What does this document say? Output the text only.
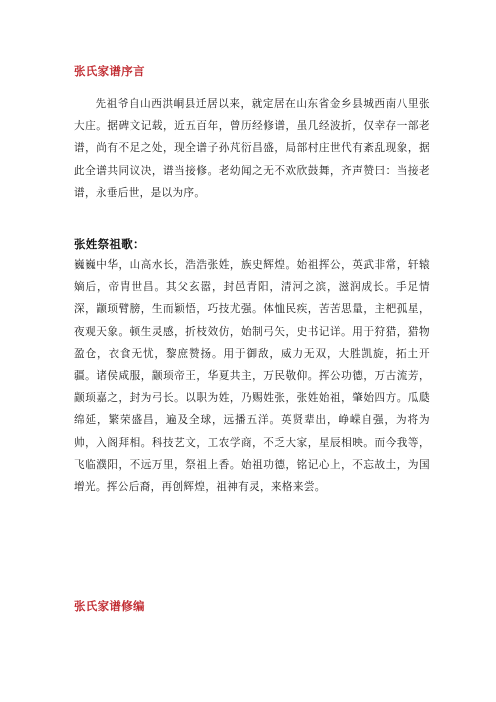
张氏家谱序言
先祖爷自山西洪峒县迁居以来，就定居在山东省金乡县城西南八里张大庄。据碑文记载，近五百年，曾历经修谱，虽几经波折，仅幸存一部老谱，尚有不足之处，现全谱子孙芃衍昌盛，局部村庄世代有紊乱现象，据此全谱共同议决，谱当接修。老幼闻之无不欢欣鼓舞，齐声赞曰：当接老谱，永垂后世，是以为序。
张姓祭祖歌：
巍巍中华，山高水长，浩浩张姓，族史辉煌。始祖挥公，英武非常，轩辕嫡后，帝胄世昌。其父玄嚣，封邑青阳，清河之滨，滋润成长。手足情深，颛顼臂膀，生而颖悟，巧技尤强。体恤民疾，苦苦思量，主杷孤星，夜观天象。顿生灵感，折枝效仿，始制弓矢，史书记详。用于狩猎，猎物盈仓，衣食无忧，黎庶赞扬。用于御敌，威力无双，大胜凯旋，拓土开疆。诸侯咸服，颛顼帝王，华夏共主，万民敬仰。挥公功德，万古流芳，颛顼嘉之，封为弓长。以职为姓，乃赐姓张，张姓始祖，肇始四方。瓜瓞绵延，繁荣盛昌，遍及全球，远播五洋。英贤辈出，峥嵘自强，为将为帅，入阁拜相。科技艺文，工农学商，不乏大家，星辰相映。而今我等，飞临濮阳，不远万里，祭祖上香。始祖功德，铭记心上，不忘故土，为国增光。挥公后裔，再创辉煌，祖神有灵，来格来尝。
张氏家谱修编
